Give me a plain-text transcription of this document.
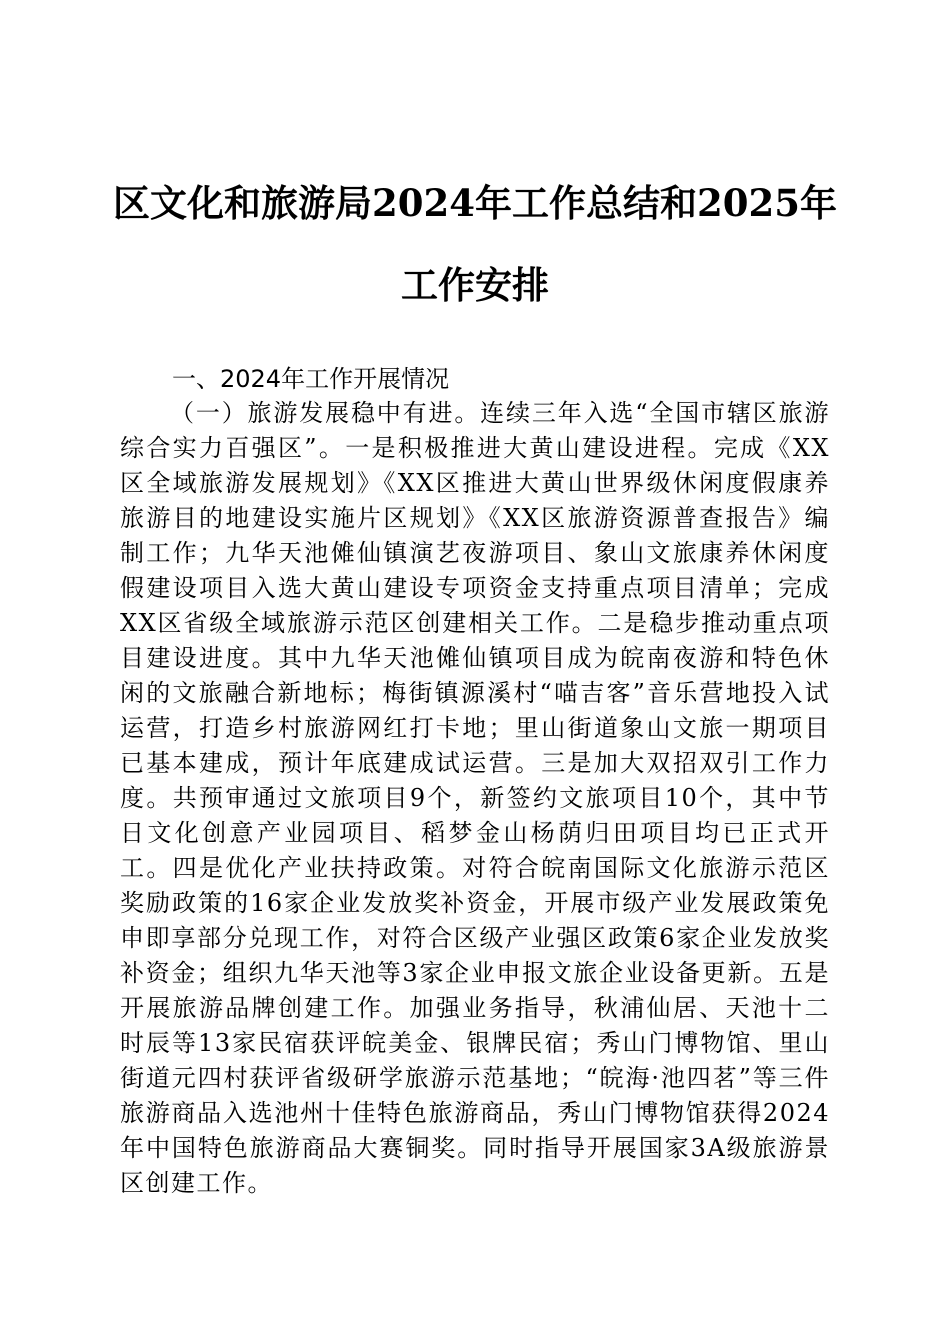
区文化和旅游局2024年工作总结和2025年工作安排
一、2024年工作开展情况

（一）旅游发展稳中有进。连续三年入选“全国市辖区旅游综合实力百强区”。一是积极推进大黄山建设进程。完成《XX区全域旅游发展规划》《XX区推进大黄山世界级休闲度假康养旅游目的地建设实施片区规划》《XX区旅游资源普查报告》编制工作；九华天池傩仙镇演艺夜游项目、象山文旅康养休闲度假建设项目入选大黄山建设专项资金支持重点项目清单；完成XX区省级全域旅游示范区创建相关工作。二是稳步推动重点项目建设进度。其中九华天池傩仙镇项目成为皖南夜游和特色休闲的文旅融合新地标；梅街镇源溪村“喵吉客”音乐营地投入试运营，打造乡村旅游网红打卡地；里山街道象山文旅一期项目已基本建成，预计年底建成试运营。三是加大双招双引工作力度。共预审通过文旅项目9个，新签约文旅项目10个，其中节日文化创意产业园项目、稻梦金山杨荫归田项目均已正式开工。四是优化产业扶持政策。对符合皖南国际文化旅游示范区奖励政策的16家企业发放奖补资金，开展市级产业发展政策免申即享部分兑现工作，对符合区级产业强区政策6家企业发放奖补资金；组织九华天池等3家企业申报文旅企业设备更新。五是开展旅游品牌创建工作。加强业务指导，秋浦仙居、天池十二时辰等13家民宿获评皖美金、银牌民宿；秀山门博物馆、里山街道元四村获评省级研学旅游示范基地；“皖海·池四茗”等三件旅游商品入选池州十佳特色旅游商品，秀山门博物馆获得2024年中国特色旅游商品大赛铜奖。同时指导开展国家3A级旅游景区创建工作。
